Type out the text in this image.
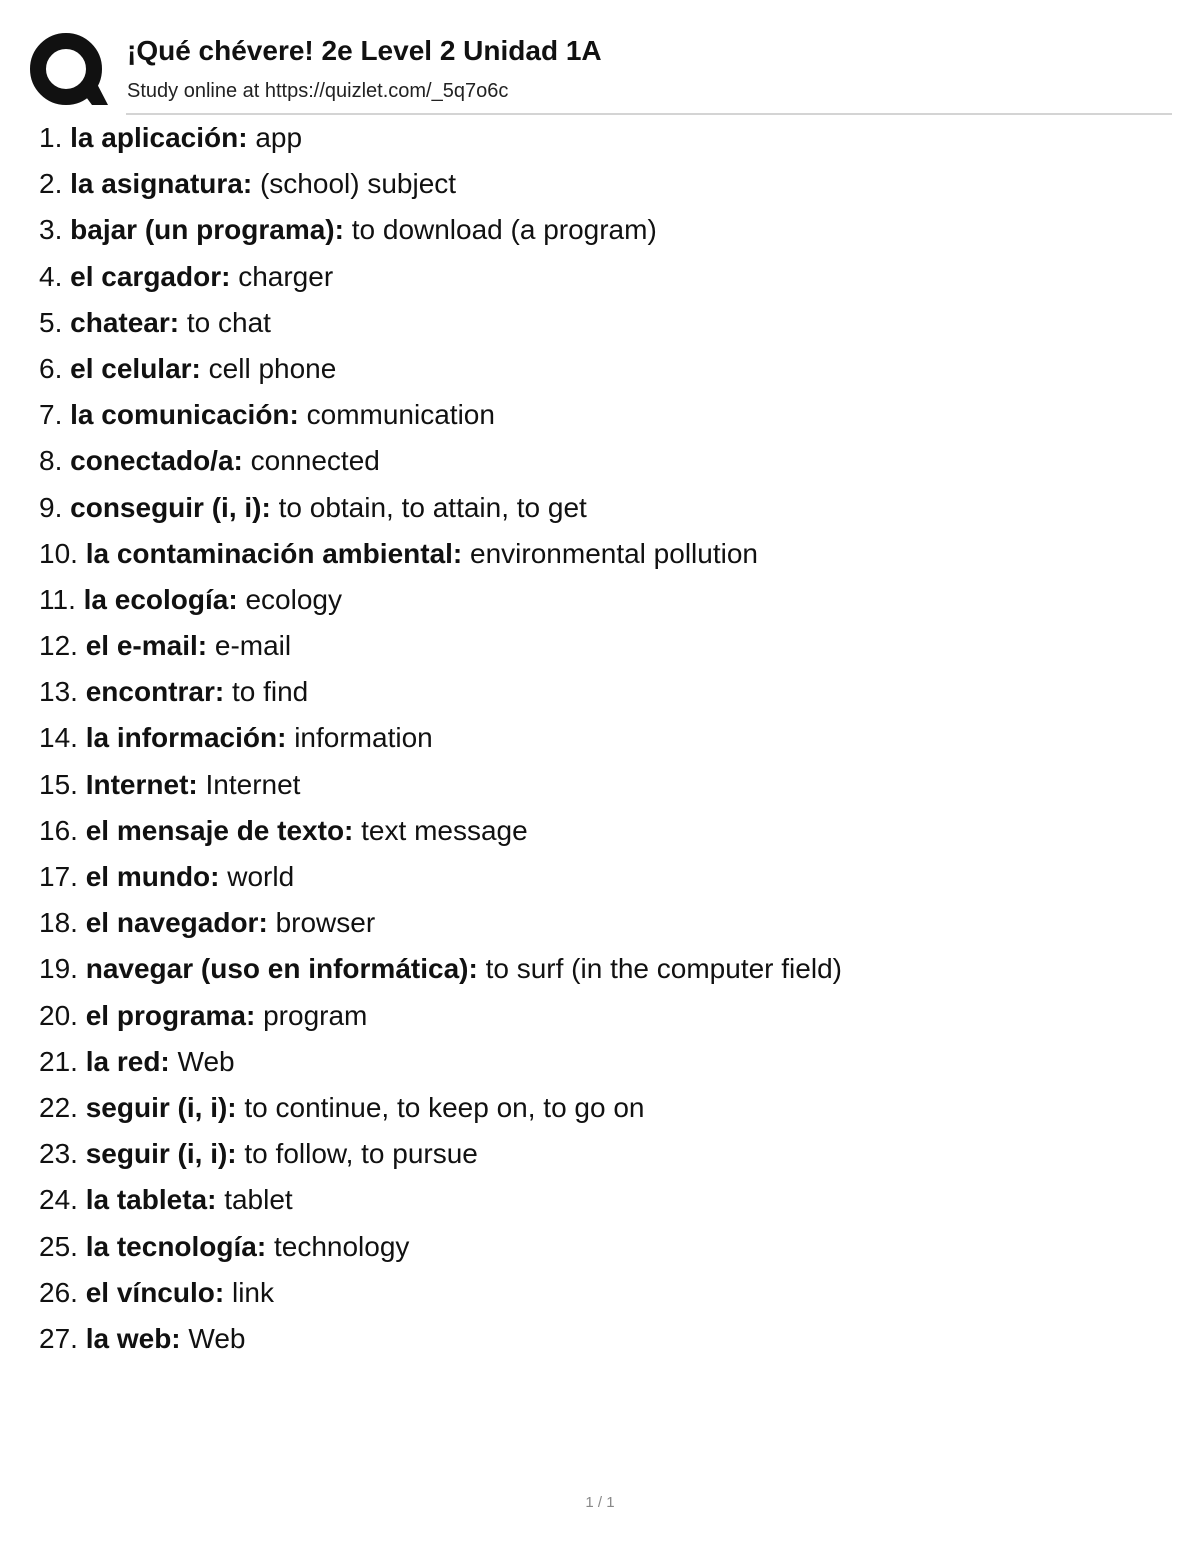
¡Qué chévere! 2e Level 2 Unidad 1A
Study online at https://quizlet.com/_5q7o6c
1. la aplicación: app
2. la asignatura: (school) subject
3. bajar (un programa): to download (a program)
4. el cargador: charger
5. chatear: to chat
6. el celular: cell phone
7. la comunicación: communication
8. conectado/a: connected
9. conseguir (i, i): to obtain, to attain, to get
10. la contaminación ambiental: environmental pollution
11. la ecología: ecology
12. el e-mail: e-mail
13. encontrar: to find
14. la información: information
15. Internet: Internet
16. el mensaje de texto: text message
17. el mundo: world
18. el navegador: browser
19. navegar (uso en informática): to surf (in the computer field)
20. el programa: program
21. la red: Web
22. seguir (i, i): to continue, to keep on, to go on
23. seguir (i, i): to follow, to pursue
24. la tableta: tablet
25. la tecnología: technology
26. el vínculo: link
27. la web: Web
1 / 1
